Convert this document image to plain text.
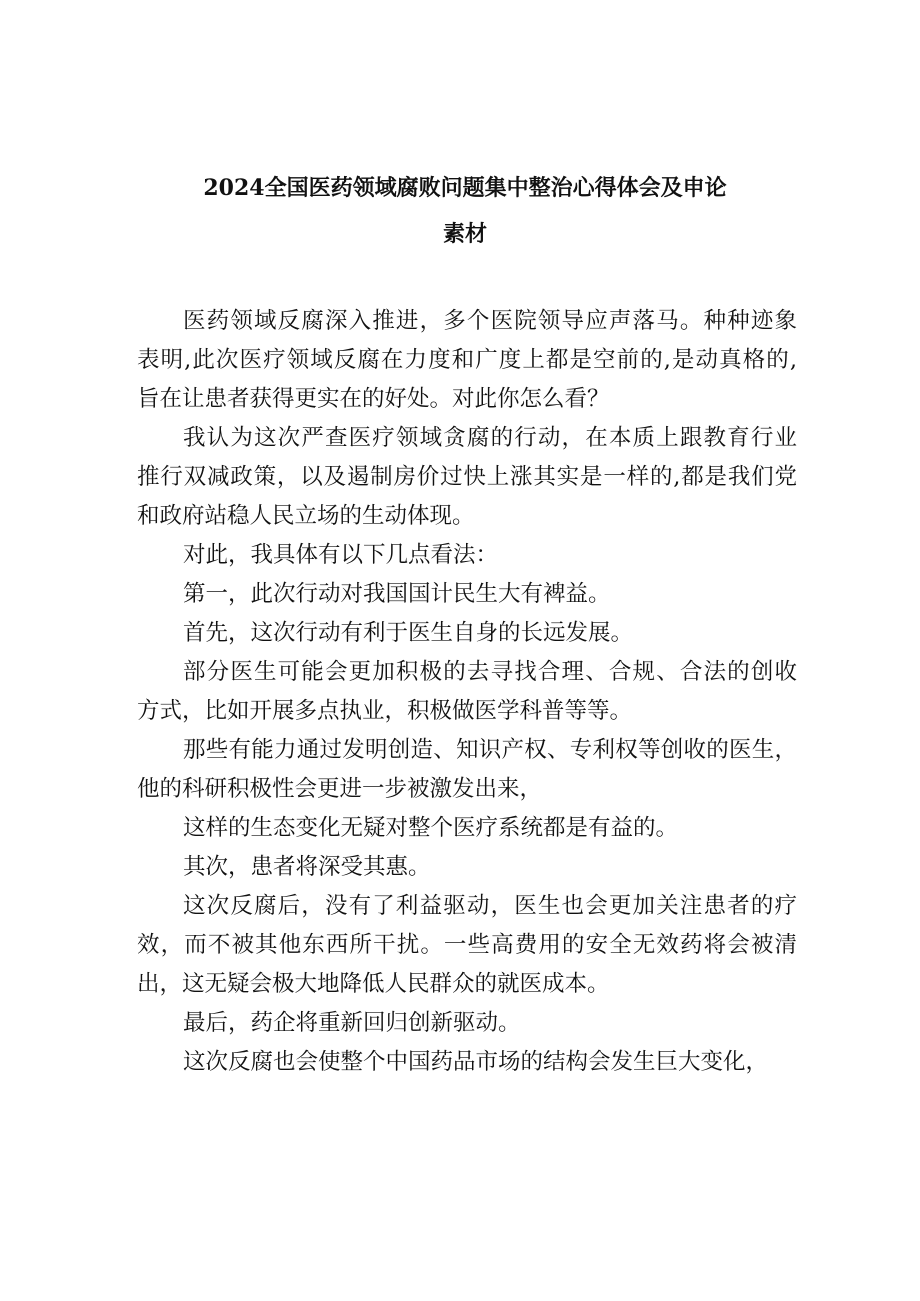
2024全国医药领域腐败问题集中整治心得体会及申论
素材
医药领域反腐深入推进，多个医院领导应声落马。种种迹象
表明,此次医疗领域反腐在力度和广度上都是空前的,是动真格的,
旨在让患者获得更实在的好处。对此你怎么看？
我认为这次严查医疗领域贪腐的行动，在本质上跟教育行业
推行双减政策，以及遏制房价过快上涨其实是一样的,都是我们党
和政府站稳人民立场的生动体现。
对此，我具体有以下几点看法：
第一，此次行动对我国国计民生大有裨益。
首先，这次行动有利于医生自身的长远发展。
部分医生可能会更加积极的去寻找合理、合规、合法的创收
方式，比如开展多点执业，积极做医学科普等等。
那些有能力通过发明创造、知识产权、专利权等创收的医生，
他的科研积极性会更进一步被激发出来，
这样的生态变化无疑对整个医疗系统都是有益的。
其次，患者将深受其惠。
这次反腐后，没有了利益驱动，医生也会更加关注患者的疗
效，而不被其他东西所干扰。一些高费用的安全无效药将会被清
出，这无疑会极大地降低人民群众的就医成本。
最后，药企将重新回归创新驱动。
这次反腐也会使整个中国药品市场的结构会发生巨大变化，
